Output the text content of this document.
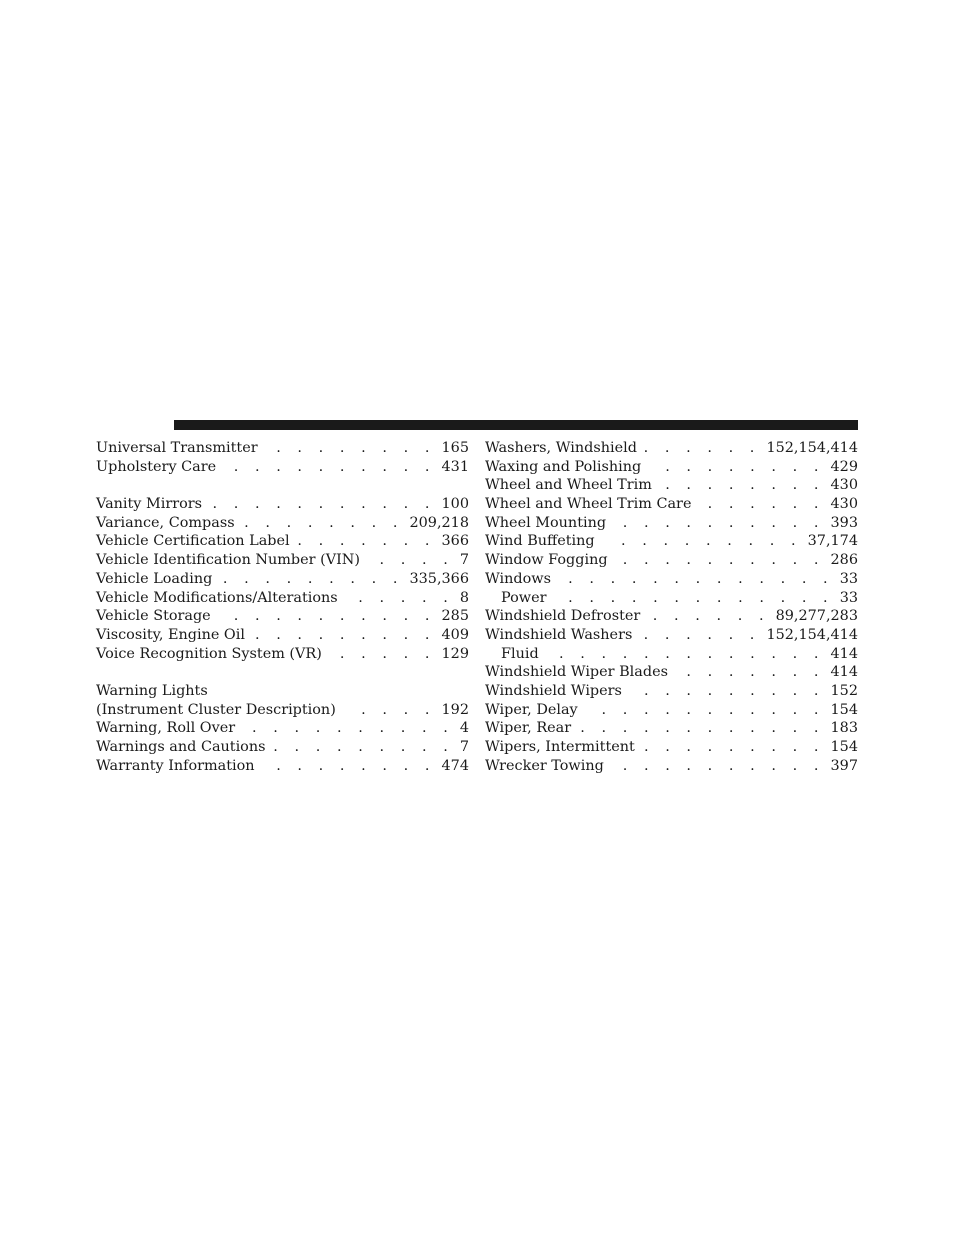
Universal Transmitter . . .	165
Upholstery Care . . .	431
Vanity Mirrors . . .	100
Variance, Compass . . .	209,218
Vehicle Certification Label . . .	366
Vehicle Identification Number (VIN) . . .	7
Vehicle Loading . . .	335,366
Vehicle Modifications/Alterations . . .	8
Vehicle Storage . . .	285
Viscosity, Engine Oil . . .	409
Voice Recognition System (VR) . . .	129
Warning Lights
(Instrument Cluster Description) . . .	192
Warning, Roll Over . . .	4
Warnings and Cautions . . .	7
Warranty Information . . .	474
Washers, Windshield . . .	152,154,414
Waxing and Polishing . . .	429
Wheel and Wheel Trim . . .	430
Wheel and Wheel Trim Care . . .	430
Wheel Mounting . . .	393
Wind Buffeting . . .	37,174
Window Fogging . . .	286
Windows . . .	33
Power . . .	33
Windshield Defroster . . .	89,277,283
Windshield Washers . . .	152,154,414
Fluid . . .	414
Windshield Wiper Blades . . .	414
Windshield Wipers . . .	152
Wiper, Delay . . .	154
Wiper, Rear . . .	183
Wipers, Intermittent . . .	154
Wrecker Towing . . .	397
